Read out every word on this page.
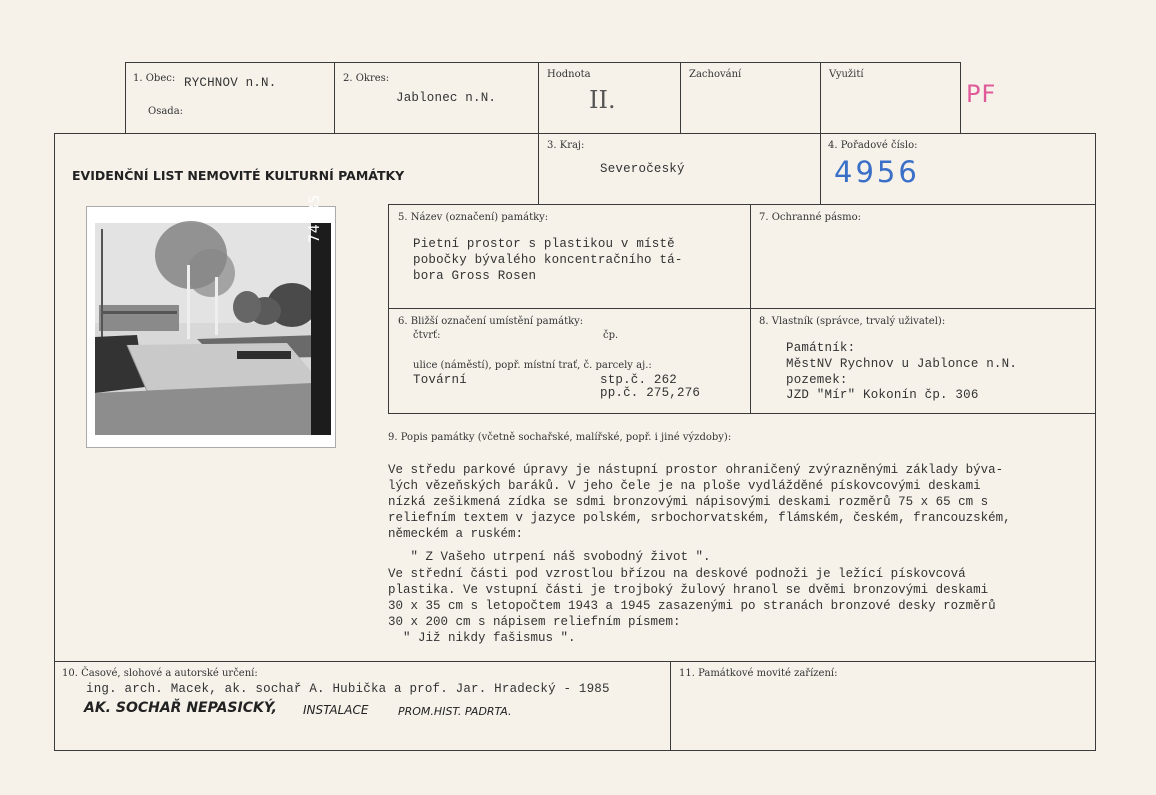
1. Obec: RYCHNOV n.N.
Osada:
2. Okres:
Jablonec n.N.
Hodnota
II.
Zachování	Využití
PF
EVIDENČNÍ LIST NEMOVITÉ KULTURNÍ PAMÁTKY
3. Kraj:
Severočeský
4. Pořadové číslo:
4956
74485	5. Název (označení) památky:
Pietní prostor s plastikou v místě
pobočky bývalého koncentračního tá-
bora Gross Rosen
7. Ochranné pásmo:
6. Bližší označení umístění památky:
čtvrť:	čp.
ulice (náměstí), popř. místní trať, č. parcely aj.:
Tovární	stp.č. 262
pp.č. 275,276
8. Vlastník (správce, trvalý uživatel):
Památník:
MěstNV Rychnov u Jablonce n.N.
pozemek:
JZD "Mír" Kokonín čp. 306
9. Popis památky (včetně sochařské, malířské, popř. i jiné výzdoby):
Ve středu parkové úpravy je nástupní prostor ohraničený zvýrazněnými základy býva-
lých vězeňských baráků. V jeho čele je na ploše vydlážděné pískovcovými deskami
nízká zešikmená zídka se sdmi bronzovými nápisovými deskami rozměrů 75 x 65 cm s
reliefním textem v jazyce polském, srbochorvatském, flámském, českém, francouzském,
německém a ruském:
" Z Vašeho utrpení náš svobodný život ".
Ve střední části pod vzrostlou břízou na deskové podnoži je ležící pískovcová
plastika. Ve vstupní části je trojboký žulový hranol se dvěmi bronzovými deskami
30 x 35 cm s letopočtem 1943 a 1945 zasazenými po stranách bronzové desky rozměrů
30 x 200 cm s nápisem reliefním písmem:
" Již nikdy fašismus ".
10. Časové, slohové a autorské určení:
ing. arch. Macek, ak. sochař A. Hubička a prof. Jar. Hradecký - 1985
AK. SOCHAŘ NEPASICKÝ, INSTALACE	PROM.HIST. PADRTA.
11. Památkové movité zařízení:
